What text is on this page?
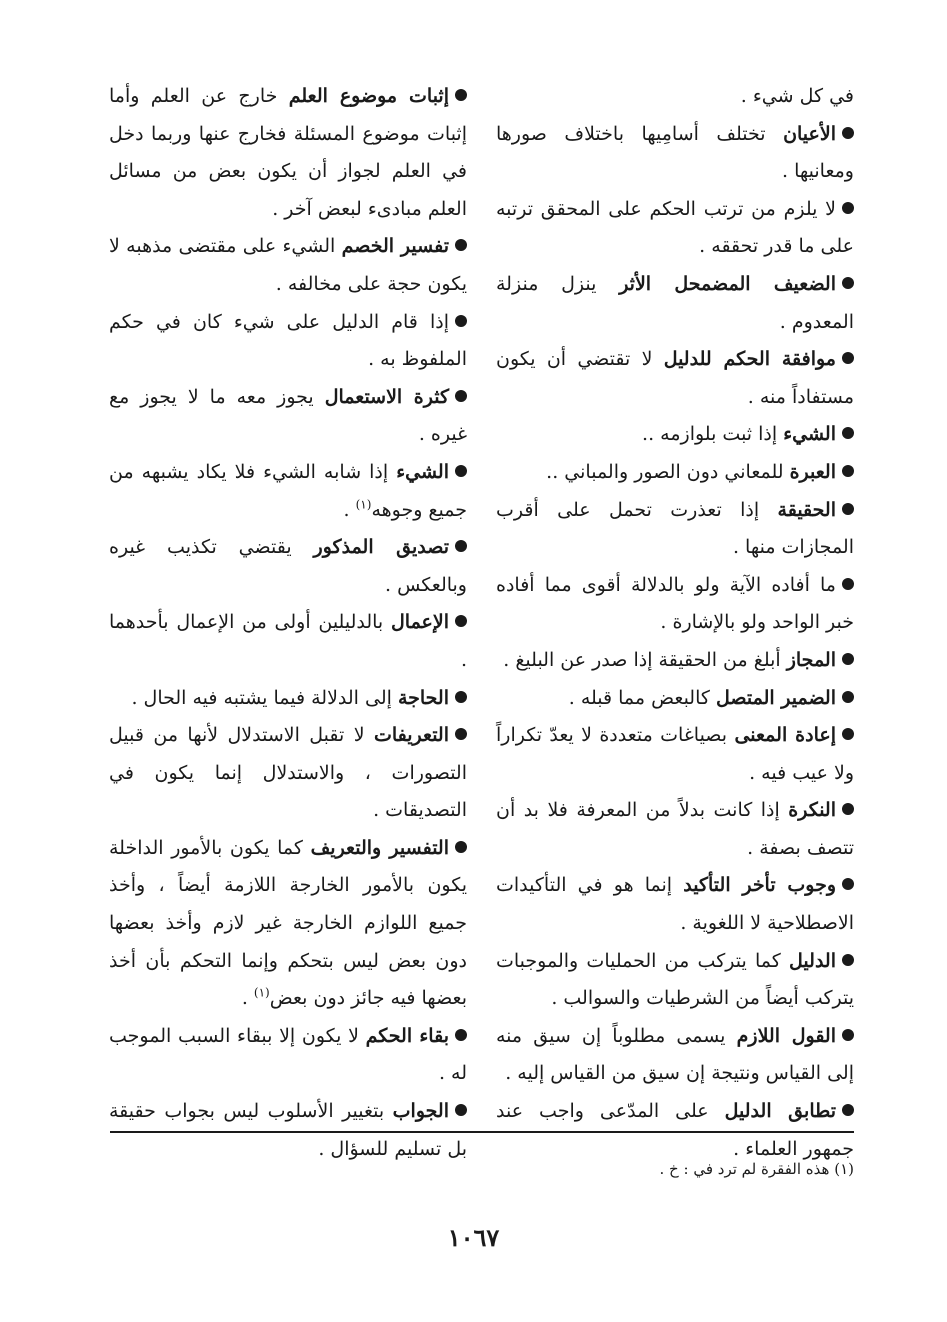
في كل شيء .

الأعيان تختلف أسامِيها باختلاف صورها ومعانيها .

لا يلزم من ترتب الحكم على المحقق ترتبه على ما قدر تحققه .

الضعيف المضمحل الأثر ينزل منزلة المعدوم .

موافقة الحكم للدليل لا تقتضي أن يكون مستفاداً منه .

الشيء إذا ثبت بلوازمه ..

العبرة للمعاني دون الصور والمباني ..

الحقيقة إذا تعذرت تحمل على أقرب المجازات منها .

ما أفاده الآية ولو بالدلالة أقوى مما أفاده خبر الواحد ولو بالإشارة .

المجاز أبلغ من الحقيقة إذا صدر عن البليغ .

الضمير المتصل كالبعض مما قبله .

إعادة المعنى بصياغات متعددة لا يعدّ تكراراً ولا عيب فيه .

النكرة إذا كانت بدلاً من المعرفة فلا بد أن تتصف بصفة .

وجوب تأخر التأكيد إنما هو في التأكيدات الاصطلاحية لا اللغوية .

الدليل كما يتركب من الحمليات والموجبات يتركب أيضاً من الشرطيات والسوالب .

القول اللازم يسمى مطلوباً إن سيق منه إلى القياس ونتيجة إن سيق من القياس إليه .

تطابق الدليل على المدّعى واجب عند جمهور العلماء .

إثبات موضوع العلم خارج عن العلم وأما إثبات موضوع المسئلة فخارج عنها وربما دخل في العلم لجواز أن يكون بعض من مسائل العلم مبادىء لبعض آخر .

تفسير الخصم الشيء على مقتضى مذهبه لا يكون حجة على مخالفه .

إذا قام الدليل على شيء كان في حكم الملفوظ به .

كثرة الاستعمال يجوز معه ما لا يجوز مع غيره .

الشيء إذا شابه الشيء فلا يكاد يشبهه من جميع وجوهه$^{(١)}$ .

تصديق المذكور يقتضي تكذيب غيره وبالعكس .

الإعمال بالدليلين أولى من الإعمال بأحدهما .

الحاجة إلى الدلالة فيما يشتبه فيه الحال .

التعريفات لا تقبل الاستدلال لأنها من قبيل التصورات ، والاستدلال إنما يكون في التصديقات .

التفسير والتعريف كما يكون بالأمور الداخلة يكون بالأمور الخارجة اللازمة أيضاً ، وأخذ جميع اللوازم الخارجة غير لازم وأخذ بعضها دون بعض ليس بتحكم وإنما التحكم بأن أخذ بعضها فيه جائز دون بعض$^{(١)}$ .

بقاء الحكم لا يكون إلا ببقاء السبب الموجب له .

الجواب بتغيير الأسلوب ليس بجواب حقيقة بل تسليم للسؤال .

(١) هذه الفقرة لم ترد في : خ .
١٠٦٧
